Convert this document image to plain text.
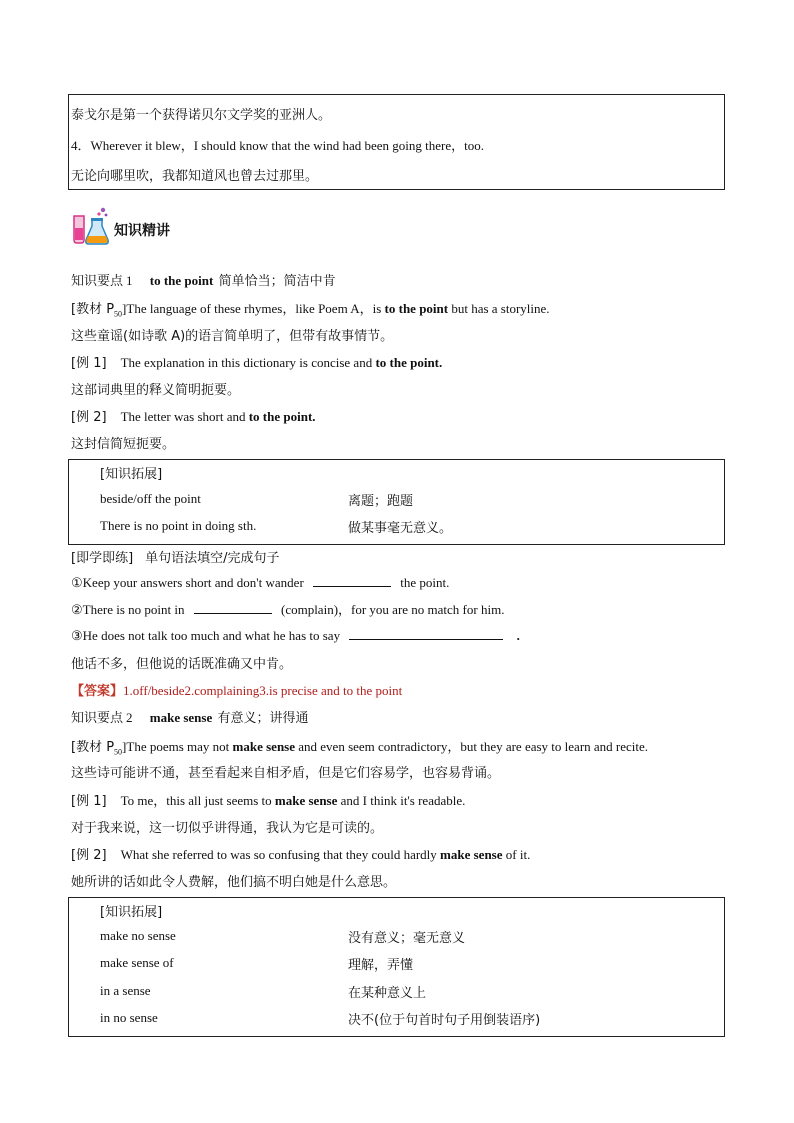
泰戈尔是第一个获得诺贝尔文学奖的亚洲人。
4．Wherever it blew，I should know that the wind had been going there，too.
无论向哪里吹，我都知道风也曾去过那里。
知识精讲
知识要点 1 to the point 简单恰当；简洁中肯
[教材 $P_{50}]The$ language of these rhymes，like Poem A，is to the point but has a storyline.
这些童谣(如诗歌 A)的语言简单明了，但带有故事情节。
[例 1] The explanation in this dictionary is concise and to the point.
这部词典里的释义简明扼要。
[例 2] The letter was short and to the point.
这封信简短扼要。
[知识拓展]
beside/off the point	离题；跑题
There is no point in doing sth.	做某事毫无意义。
[即学即练] 单句语法填空/完成句子
①Keep your answers short and don't wander	the point.
②There is no point in	(complain)，for you are no match for him.
③He does not talk too much and what he has to say	.
他话不多，但他说的话既准确又中肯。
【答案】1.off/beside2.complaining3.is precise and to the point
知识要点 2 make sense 有意义；讲得通
[教材 $P_{50}]The$ poems may not make sense and even seem contradictory，but they are easy to learn and recite.
这些诗可能讲不通，甚至看起来自相矛盾，但是它们容易学，也容易背诵。
[例 1] To me，this all just seems to make sense and I think it's readable.
对于我来说，这一切似乎讲得通，我认为它是可读的。
[例 2] What she referred to was so confusing that they could hardly make sense of it.
她所讲的话如此令人费解，他们搞不明白她是什么意思。
[知识拓展]
make no sense	没有意义；毫无意义
make sense of	理解，弄懂
in a sense	在某种意义上
in no sense	决不(位于句首时句子用倒装语序)
